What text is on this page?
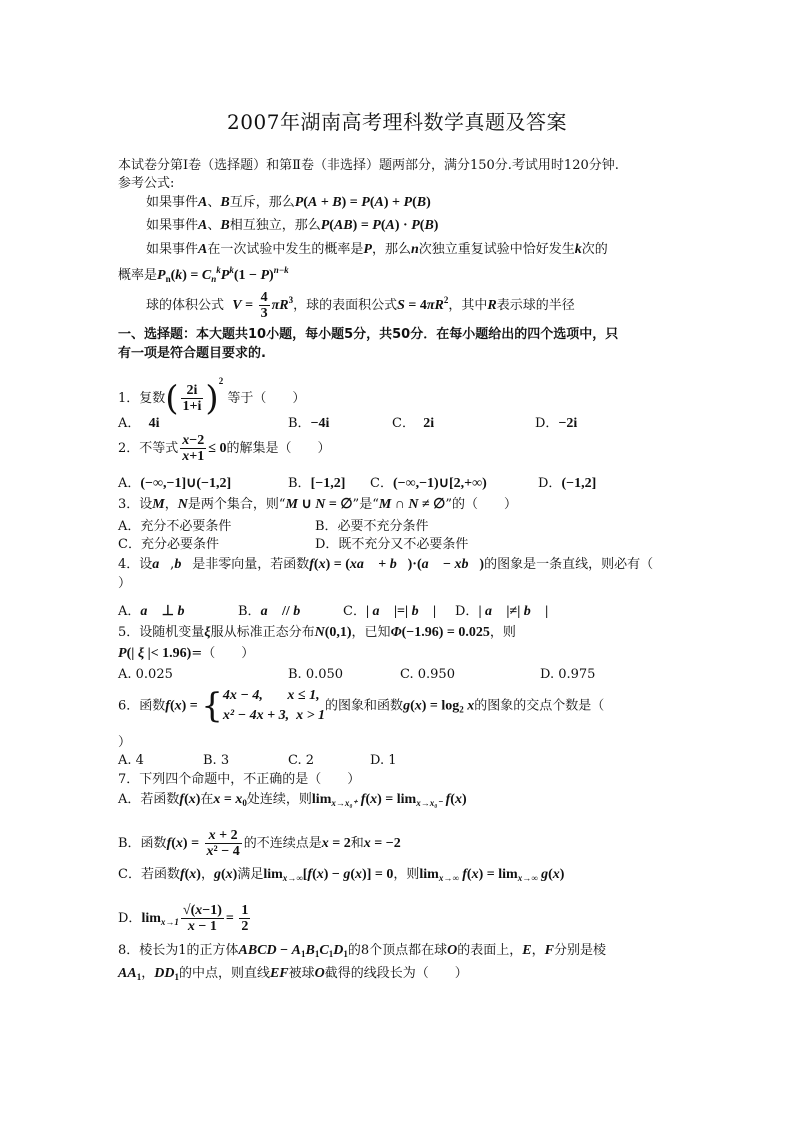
2007年湖南高考理科数学真题及答案
本试卷分第Ⅰ卷（选择题）和第Ⅱ卷（非选择）题两部分，满分150分.考试用时120分钟.
参考公式:
如果事件A、B互斥，那么P(A + B) = P(A) + P(B)
如果事件A、B相互独立，那么P(AB) = P(A) · P(B)
如果事件A在一次试验中发生的概率是P，那么n次独立重复试验中恰好发生k次的
概率是$P_n(k) = C_n^kP^k(1 - P)^{n-k}$
球的体积公式 $V = \frac{4}{3} \pi R^3$，球的表面积公式$S = 4\pi R^2$，其中R表示球的半径
一、选择题：本大题共10小题，每小题5分，共50分．在每小题给出的四个选项中，只
有一项是符合题目要求的.
1．复数( $\frac{2i}{1+i} )^2$ 等于（　　）
A． 4i	B．−4i	C． 2i	D．−2i
2．不等式 $\frac{x-2}{x+1} \le 0$的解集是（　　）
A．(−∞,−1]∪(−1,2]	B．[−1,2] C．(−∞,−1)∪[2,+∞)	D．(−1,2]
3．设M，N是两个集合，则“M ∪ N = ∅”是“M ∩ N ≠ ∅”的（　　）
A．充分不必要条件	B．必要不充分条件
C．充分必要条件	D．既不充分又不必要条件
4．设a⃗,b⃗是非零向量，若函数f(x) = (xa⃗ + b⃗)·(a⃗ − xb⃗)的图象是一条直线，则必有（
）
A．a⃗ ⊥ b⃗	B．a⃗ // b⃗ C．| a⃗ |=| b⃗ | D．| a⃗ |≠| b⃗ |
5．设随机变量ξ服从标准正态分布N(0,1)，已知Φ(−1.96) = 0.025，则
P(| ξ |< 1.96)=（　　）
A. 0.025	B. 0.050	C. 0.950	D. 0.975
6．函数f(x) = {4x − 4,       x ≤ 1,
x² − 4x + 3,  x > 1的图象和函数$g(x) = \log_2 x$的图象的交点个数是（
）
A. 4	B. 3	C. 2	D. 1
7．下列四个命题中，不正确的是（　　）
A．若函数f(x)在$x = x_0$处连续，则$\lim_{x\to x_0^+} f(x) = \lim_{x\to x_0^-} f(x)$
B．函数$f(x) = \frac{x + 2}{\text{x² − 4}}$ 的不连续点是x = 2和x = −2
C．若函数f(x)，g(x)满足$\lim_{x\to\infty}[f(x) - g(x)] = 0$，则$\lim_{x\to\infty} f(x) = \lim_{x\to\infty} g(x)$
D．$\lim_{x\to 1} \frac{√(x-1)}{x - 1} = \frac{1}{2}$
8．棱长为1的正方体ABCD − $A_1B_1C_1D_1$的8个顶点都在球O的表面上，E，F分别是棱
$AA_1$，$DD_1$的中点，则直线EF被球O截得的线段长为（　　）
